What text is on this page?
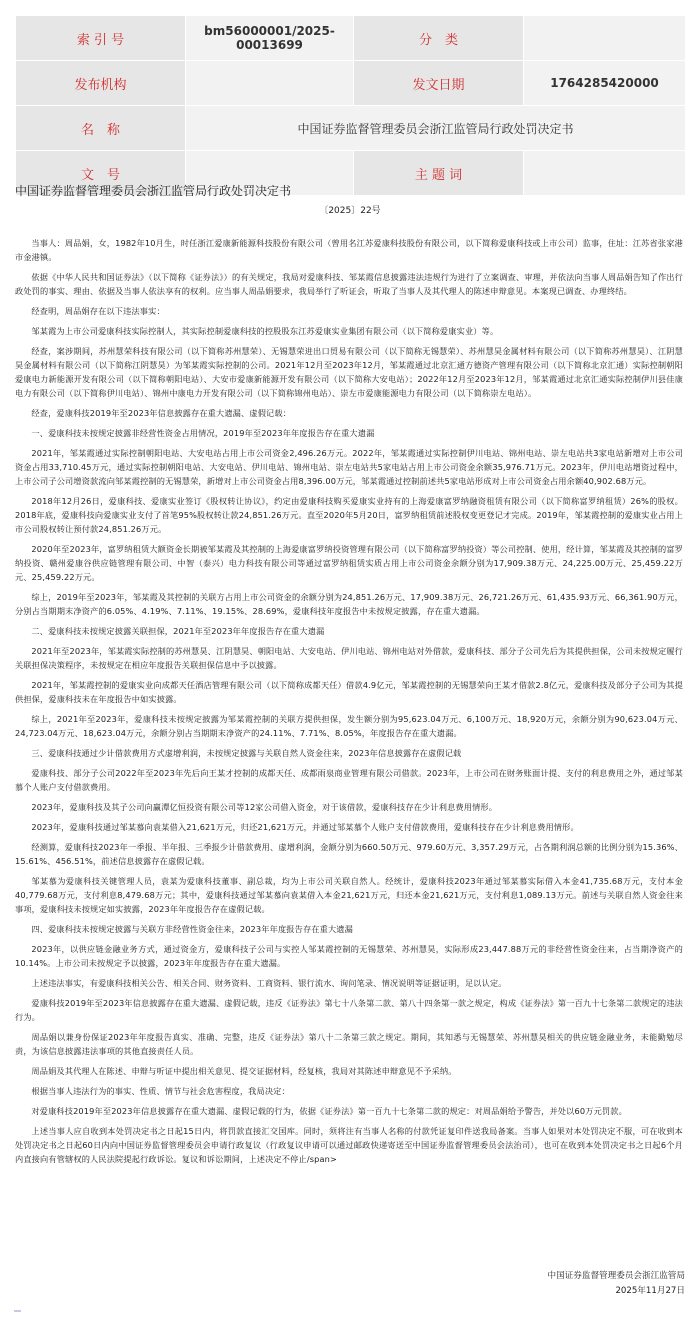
索 引 号	bm56000001/2025-00013699	分　类	
发布机构		发文日期	1764285420000
名　称	中国证券监督管理委员会浙江监管局行政处罚决定书		
文　号		主 题 词	
中国证券监督管理委员会浙江监管局行政处罚决定书
〔2025〕22号

当事人：周品娟，女，1982年10月生，时任浙江爱康新能源科技股份有限公司（曾用名江苏爱康科技股份有限公司，以下简称爱康科技或上市公司）监事，住址：江苏省张家港市金港镇。

依据《中华人民共和国证券法》（以下简称《证券法》）的有关规定，我局对爱康科技、邹某霞信息披露违法违规行为进行了立案调查、审理，并依法向当事人周品娟告知了作出行政处罚的事实、理由、依据及当事人依法享有的权利。应当事人周品娟要求，我局举行了听证会，听取了当事人及其代理人的陈述申辩意见。本案现已调查、办理终结。

经查明，周品娟存在以下违法事实：

邹某霞为上市公司爱康科技实际控制人，其实际控制爱康科技的控股股东江苏爱康实业集团有限公司（以下简称爱康实业）等。

经查，案涉期间，苏州慧荣科技有限公司（以下简称苏州慧荣）、无锡慧荣进出口贸易有限公司（以下简称无锡慧荣）、苏州慧昊金属材料有限公司（以下简称苏州慧昊）、江阴慧昊金属材料有限公司（以下简称江阴慧昊）为邹某霞实际控制的公司。2021年12月至2023年12月，邹某霞通过北京汇通方德资产管理有限公司（以下简称北京汇通）实际控制朝阳爱康电力新能源开发有限公司（以下简称朝阳电站）、大安市爱康新能源开发有限公司（以下简称大安电站）；2022年12月至2023年12月，邹某霞通过北京汇通实际控制伊川县佳康电力有限公司（以下简称伊川电站）、锦州中康电力开发有限公司（以下简称锦州电站）、崇左市爱康能源电力有限公司（以下简称崇左电站）。

经查，爱康科技2019年至2023年信息披露存在重大遗漏、虚假记载：

一、爱康科技未按规定披露非经营性资金占用情况，2019年至2023年年度报告存在重大遗漏

2021年，邹某霞通过实际控制朝阳电站、大安电站占用上市公司资金2,496.26万元。2022年，邹某霞通过实际控制伊川电站、锦州电站、崇左电站共3家电站新增对上市公司资金占用33,710.45万元，通过实际控制朝阳电站、大安电站、伊川电站、锦州电站、崇左电站共5家电站占用上市公司资金余额35,976.71万元。2023年，伊川电站增资过程中，上市公司子公司增资款流向邹某霞控制的无锡慧荣，新增对上市公司资金占用8,396.00万元，邹某霞通过控制前述共5家电站形成对上市公司资金占用余额40,902.68万元。

2018年12月26日，爱康科技、爱康实业签订《股权转让协议》，约定由爱康科技购买爱康实业持有的上海爱康富罗纳融资租赁有限公司（以下简称富罗纳租赁）26%的股权。2018年底，爱康科技向爱康实业支付了首笔95%股权转让款24,851.26万元。直至2020年5月20日，富罗纳租赁前述股权变更登记才完成。2019年，邹某霞控制的爱康实业占用上市公司股权转让预付款24,851.26万元。

2020年至2023年，富罗纳租赁大额资金长期被邹某霞及其控制的上海爱康富罗纳投资管理有限公司（以下简称富罗纳投资）等公司控制、使用，经计算，邹某霞及其控制的富罗纳投资、赣州爱康谷供应链管理有限公司、中智（泰兴）电力科技有限公司等通过富罗纳租赁实质占用上市公司资金余额分别为17,909.38万元、24,225.00万元、25,459.22万元、25,459.22万元。

综上，2019年至2023年，邹某霞及其控制的关联方占用上市公司资金的余额分别为24,851.26万元、17,909.38万元、26,721.26万元、61,435.93万元、66,361.90万元，分别占当期期末净资产的6.05%、4.19%、7.11%、19.15%、28.69%，爱康科技年度报告中未按规定披露，存在重大遗漏。

二、爱康科技未按规定披露关联担保，2021年至2023年年度报告存在重大遗漏

2021年至2023年，邹某霞实际控制的苏州慧昊、江阴慧昊、朝阳电站、大安电站、伊川电站、锦州电站对外借款，爱康科技、部分子公司先后为其提供担保，公司未按规定履行关联担保决策程序，未按规定在相应年度报告关联担保信息中予以披露。

2021年，邹某霞控制的爱康实业向成都天任酒店管理有限公司（以下简称成都天任）借款4.9亿元，邹某霞控制的无锡慧荣向王某才借款2.8亿元，爱康科技及部分子公司为其提供担保，爱康科技未在年度报告中如实披露。

综上，2021年至2023年，爱康科技未按规定披露为邹某霞控制的关联方提供担保，发生额分别为95,623.04万元、6,100万元、18,920万元，余额分别为90,623.04万元、24,723.04万元、18,623.04万元，余额分别占当期期末净资产的24.11%、7.71%、8.05%，年度报告存在重大遗漏。

三、爱康科技通过少计借款费用方式虚增利润，未按规定披露与关联自然人资金往来，2023年信息披露存在虚假记载

爱康科技、部分子公司2022年至2023年先后向王某才控制的成都天任、成都雨泉商业管理有限公司借款。2023年，上市公司在财务账面计提、支付的利息费用之外，通过邹某慕个人账户支付借款费用。

2023年，爱康科技及其子公司向赢潭亿恒投资有限公司等12家公司借入资金，对于该借款，爱康科技存在少计利息费用情形。

2023年，爱康科技通过邹某慕向袁某借入21,621万元，归还21,621万元，并通过邹某慕个人账户支付借款费用，爱康科技存在少计利息费用情形。

经测算，爱康科技2023年一季报、半年报、三季报少计借款费用、虚增利润，金额分别为660.50万元、979.60万元、3,357.29万元，占各期利润总额的比例分别为15.36%、15.61%、456.51%，前述信息披露存在虚假记载。

邹某慕为爱康科技关键管理人员，袁某为爱康科技董事、副总裁，均为上市公司关联自然人。经统计，爱康科技2023年通过邹某慕实际借入本金41,735.68万元，支付本金40,779.68万元，支付利息8,479.68万元；其中，爱康科技通过邹某慕向袁某借入本金21,621万元，归还本金21,621万元，支付利息1,089.13万元。前述与关联自然人资金往来事项，爱康科技未按规定如实披露，2023年年度报告存在虚假记载。

四、爱康科技未按规定披露与关联方非经营性资金往来，2023年年度报告存在重大遗漏

2023年，以供应链金融业务方式，通过资金方，爱康科技子公司与实控人邹某霞控制的无锡慧荣、苏州慧昊，实际形成23,447.88万元的非经营性资金往来，占当期净资产的10.14%。上市公司未按规定予以披露，2023年年度报告存在重大遗漏。

上述违法事实，有爱康科技相关公告、相关合同、财务资料、工商资料、银行流水、询问笔录、情况说明等证据证明，足以认定。

爱康科技2019年至2023年信息披露存在重大遗漏、虚假记载，违反《证券法》第七十八条第二款、第八十四条第一款之规定，构成《证券法》第一百九十七条第二款规定的违法行为。

周品娟以兼身份保证2023年年度报告真实、准确、完整，违反《证券法》第八十二条第三款之规定。期间，其知悉与无锡慧荣、苏州慧昊相关的供应链金融业务，未能勤勉尽责，为该信息披露违法事项的其他直接责任人员。

周品娟及其代理人在陈述、申辩与听证中提出相关意见、提交证据材料，经复核，我局对其陈述申辩意见不予采纳。

根据当事人违法行为的事实、性质、情节与社会危害程度，我局决定：

对爱康科技2019年至2023年信息披露存在重大遗漏、虚假记载的行为，依据《证券法》第一百九十七条第二款的规定：对周品娟给予警告，并处以60万元罚款。

上述当事人应自收到本处罚决定书之日起15日内，将罚款直接汇交国库。同时，须将注有当事人名称的付款凭证复印件送我局备案。当事人如果对本处罚决定不服，可在收到本处罚决定书之日起60日内向中国证券监督管理委员会申请行政复议（行政复议申请可以通过邮政快递寄送至中国证券监督管理委员会法治司），也可在收到本处罚决定书之日起6个月内直接向有管辖权的人民法院提起行政诉讼。复议和诉讼期间，上述决定不停止/span>

中国证券监督管理委员会浙江监管局
2025年11月27日
